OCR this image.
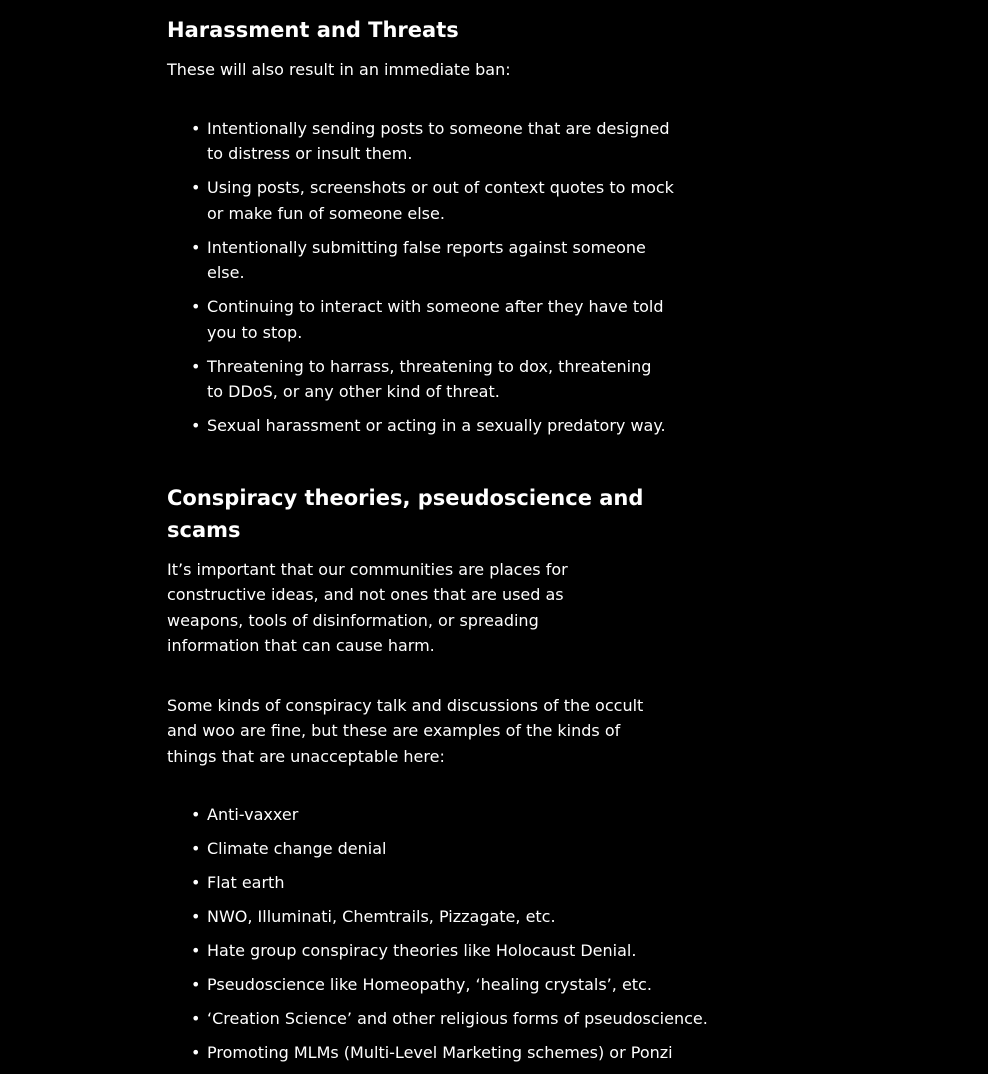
Harassment and Threats

These will also result in an immediate ban:

• Intentionally sending posts to someone that are designed to distress or insult them.
• Using posts, screenshots or out of context quotes to mock or make fun of someone else.
• Intentionally submitting false reports against someone else.
• Continuing to interact with someone after they have told you to stop.
• Threatening to harrass, threatening to dox, threatening to DDoS, or any other kind of threat.
• Sexual harassment or acting in a sexually predatory way.
Conspiracy theories, pseudoscience and scams

It’s important that our communities are places for constructive ideas, and not ones that are used as weapons, tools of disinformation, or spreading information that can cause harm.

Some kinds of conspiracy talk and discussions of the occult and woo are fine, but these are examples of the kinds of things that are unacceptable here:

• Anti-vaxxer
• Climate change denial
• Flat earth
• NWO, Illuminati, Chemtrails, Pizzagate, etc.
• Hate group conspiracy theories like Holocaust Denial.
• Pseudoscience like Homeopathy, ‘healing crystals’, etc.
• ‘Creation Science’ and other religious forms of pseudoscience.
• Promoting MLMs (Multi-Level Marketing schemes) or Ponzi
